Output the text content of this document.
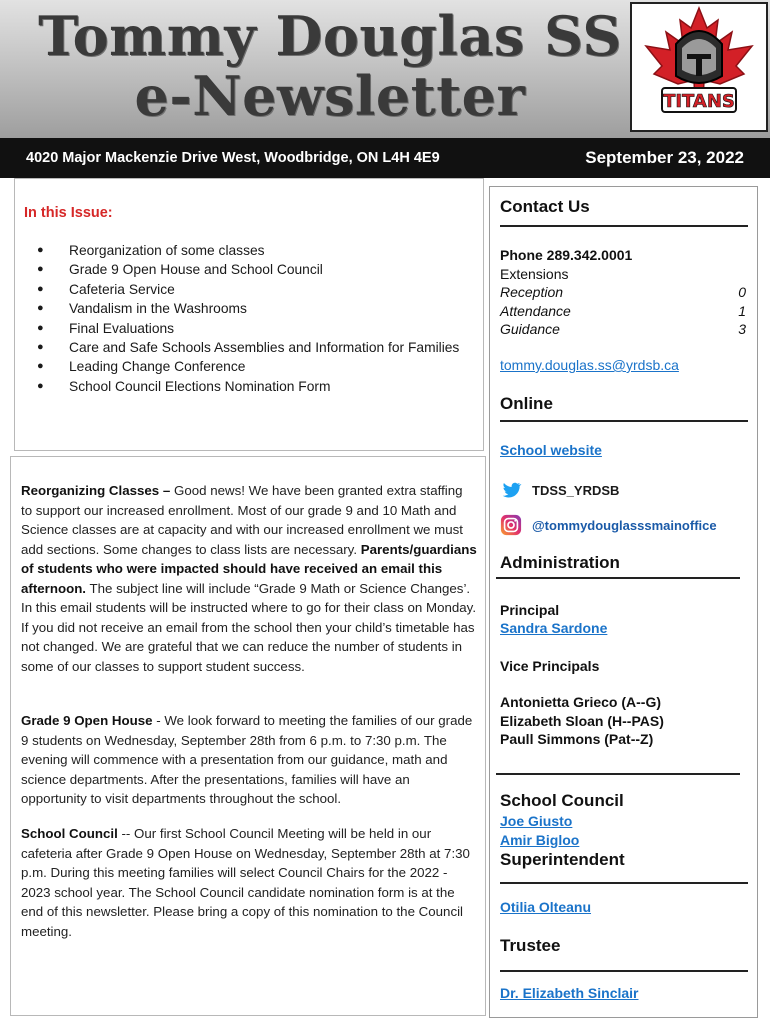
Tommy Douglas SS
e-Newsletter	TITANS
4020 Major Mackenzie Drive West, Woodbridge, ON L4H 4E9	September 23, 2022
In this Issue:
● Reorganization of some classes
● Grade 9 Open House and School Council
● Cafeteria Service
● Vandalism in the Washrooms
● Final Evaluations
● Care and Safe Schools Assemblies and Information for Families
● Leading Change Conference
● School Council Elections Nomination Form

Reorganizing Classes – Good news! We have been granted extra staffing to support our increased enrollment. Most of our grade 9 and 10 Math and Science classes are at capacity and with our increased enrollment we must add sections. Some changes to class lists are necessary. Parents/guardians of students who were impacted should have received an email this afternoon. The subject line will include “Grade 9 Math or Science Changes’. In this email students will be instructed where to go for their class on Monday. If you did not receive an email from the school then your child’s timetable has not changed. We are grateful that we can reduce the number of students in some of our classes to support student success.

Grade 9 Open House - We look forward to meeting the families of our grade 9 students on Wednesday, September 28th from 6 p.m. to 7:30 p.m. The evening will commence with a presentation from our guidance, math and science departments. After the presentations, families will have an opportunity to visit departments throughout the school.

School Council -- Our first School Council Meeting will be held in our cafeteria after Grade 9 Open House on Wednesday, September 28th at 7:30 p.m. During this meeting families will select Council Chairs for the 2022 - 2023 school year. The School Council candidate nomination form is at the end of this newsletter. Please bring a copy of this nomination to the Council meeting.

Contact Us
Phone 289.342.0001
Extensions
Reception	0
Attendance	1
Guidance	3
tommy.douglas.ss@yrdsb.ca
Online
School website
TDSS_YRDSB
@tommydouglasssmainoffice
Administration
Principal
Sandra Sardone
Vice Principals
Antonietta Grieco (A--G)
Elizabeth Sloan (H--PAS)
Paull Simmons (Pat--Z)
School Council
Joe Giusto
Amir Bigloo
Superintendent
Otilia Olteanu
Trustee
Dr. Elizabeth Sinclair
